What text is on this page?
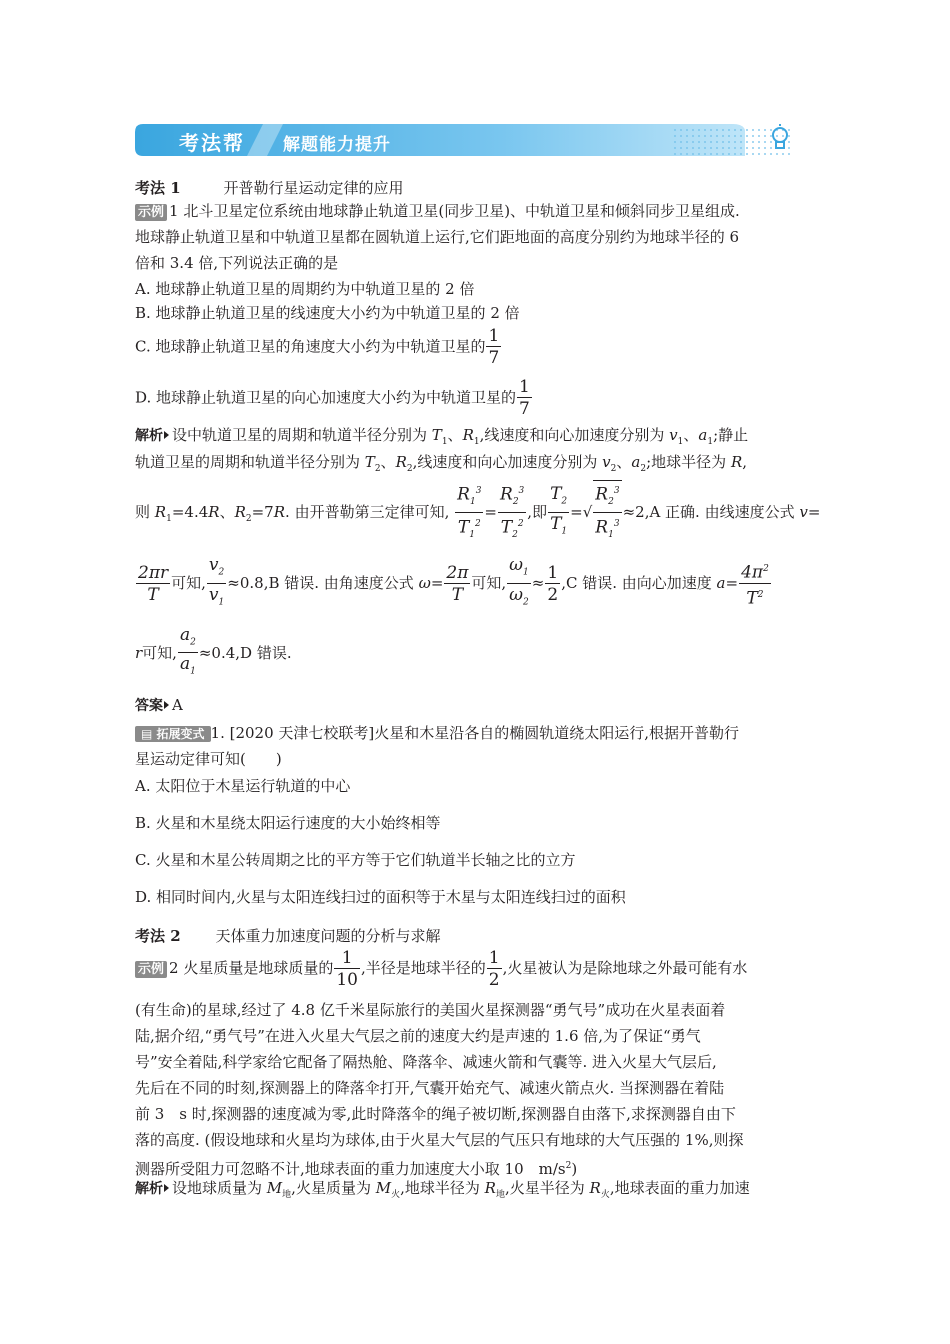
考法帮 解题能力提升
考法 1	开普勒行星运动定律的应用
示例 1 北斗卫星定位系统由地球静止轨道卫星(同步卫星)、中轨道卫星和倾斜同步卫星组成.
地球静止轨道卫星和中轨道卫星都在圆轨道上运行,它们距地面的高度分别约为地球半径的 6
倍和 3.4 倍,下列说法正确的是
A. 地球静止轨道卫星的周期约为中轨道卫星的 2 倍
B. 地球静止轨道卫星的线速度大小约为中轨道卫星的 2 倍
C. 地球静止轨道卫星的角速度大小约为中轨道卫星的 $\frac{1}{7}$
D. 地球静止轨道卫星的向心加速度大小约为中轨道卫星的 $\frac{1}{7}$
解析 设中轨道卫星的周期和轨道半径分别为 $T_1$、$R_1$,线速度和向心加速度分别为 $v_1$、$a_1$;静止
轨道卫星的周期和轨道半径分别为 $T_2$、$R_2$,线速度和向心加速度分别为 $v_2$、$a_2$;地球半径为 R,
则 $R_1=4.4R$、$R_2=7R$. 由开普勒第三定律可知, $\frac{R_1^3}{T_1^2} = \frac{R_2^3}{T_2^2}$ ,即 $\frac{T_2}{T_1}$ =√ $\frac{R_2^3}{R_1^3} \approx 2,A$ 正确. 由线速度公式 v=
$\frac{2\pi r}{T}$ 可知, $\frac{v_2}{v_1} \approx 0.8,B$ 错误. 由角速度公式 $\omega= \frac{2\pi}{T}$ 可知, $\frac{\omega_1}{\omega_2} \approx \frac{1}{2} ,C$ 错误. 由向心加速度 $a= \frac{4\pi^2}{T^2}$
r可知, $\frac{a_2}{a_1} \approx 0.4,D$ 错误.
答案 A
▤ 拓展变式 1. [2020 天津七校联考]火星和木星沿各自的椭圆轨道绕太阳运行,根据开普勒行
星运动定律可知(　　)
A. 太阳位于木星运行轨道的中心
B. 火星和木星绕太阳运行速度的大小始终相等
C. 火星和木星公转周期之比的平方等于它们轨道半长轴之比的立方
D. 相同时间内,火星与太阳连线扫过的面积等于木星与太阳连线扫过的面积
考法 2 天体重力加速度问题的分析与求解
示例 2 火星质量是地球质量的 $\frac{1}{10}$ ,半径是地球半径的 $\frac{1}{2}$ ,火星被认为是除地球之外最可能有水
(有生命)的星球,经过了 4.8 亿千米星际旅行的美国火星探测器“勇气号”成功在火星表面着
陆,据介绍,“勇气号”在进入火星大气层之前的速度大约是声速的 1.6 倍,为了保证“勇气
号”安全着陆,科学家给它配备了隔热舱、降落伞、减速火箭和气囊等. 进入火星大气层后,
先后在不同的时刻,探测器上的降落伞打开,气囊开始充气、减速火箭点火. 当探测器在着陆
前 3　s 时,探测器的速度减为零,此时降落伞的绳子被切断,探测器自由落下,求探测器自由下
落的高度. (假设地球和火星均为球体,由于火星大气层的气压只有地球的大气压强的 1%,则探
测器所受阻力可忽略不计,地球表面的重力加速度大小取 10　$m/s^2$)
解析 设地球质量为 $M_地$,火星质量为 $M_火$,地球半径为 $R_地$,火星半径为 $R_火$,地球表面的重力加速
